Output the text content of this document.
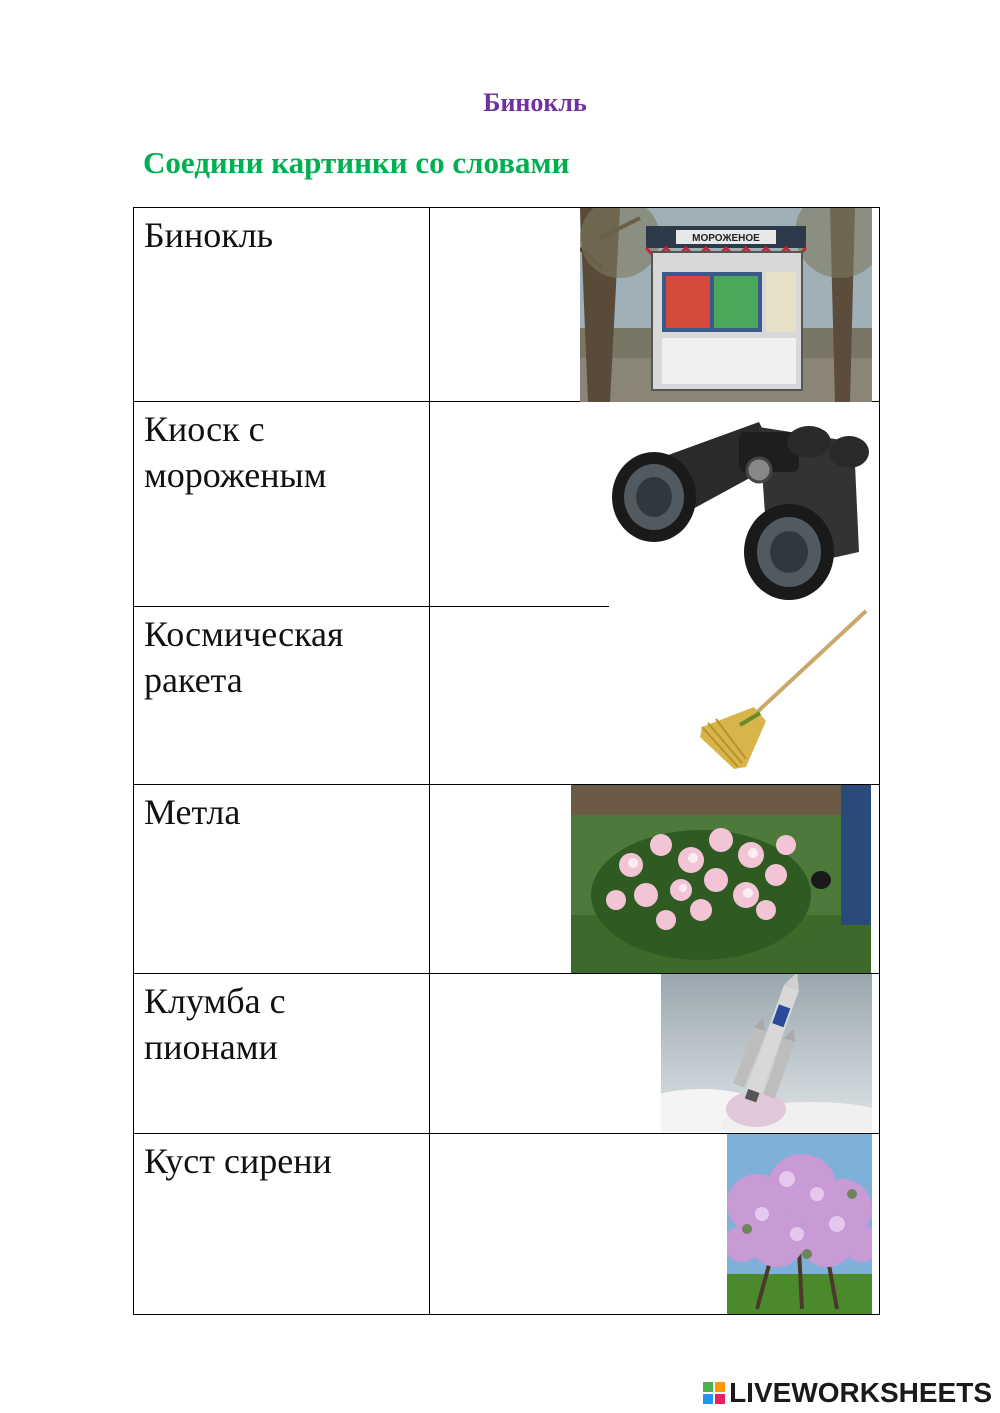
Бинокль
Соедини картинки со словами
Бинокль	МОРОЖЕНОЕ
Киоск с мороженым
Космическая ракета
Метла
Клумба с пионами
Куст сирени
LIVEWORKSHEETS
